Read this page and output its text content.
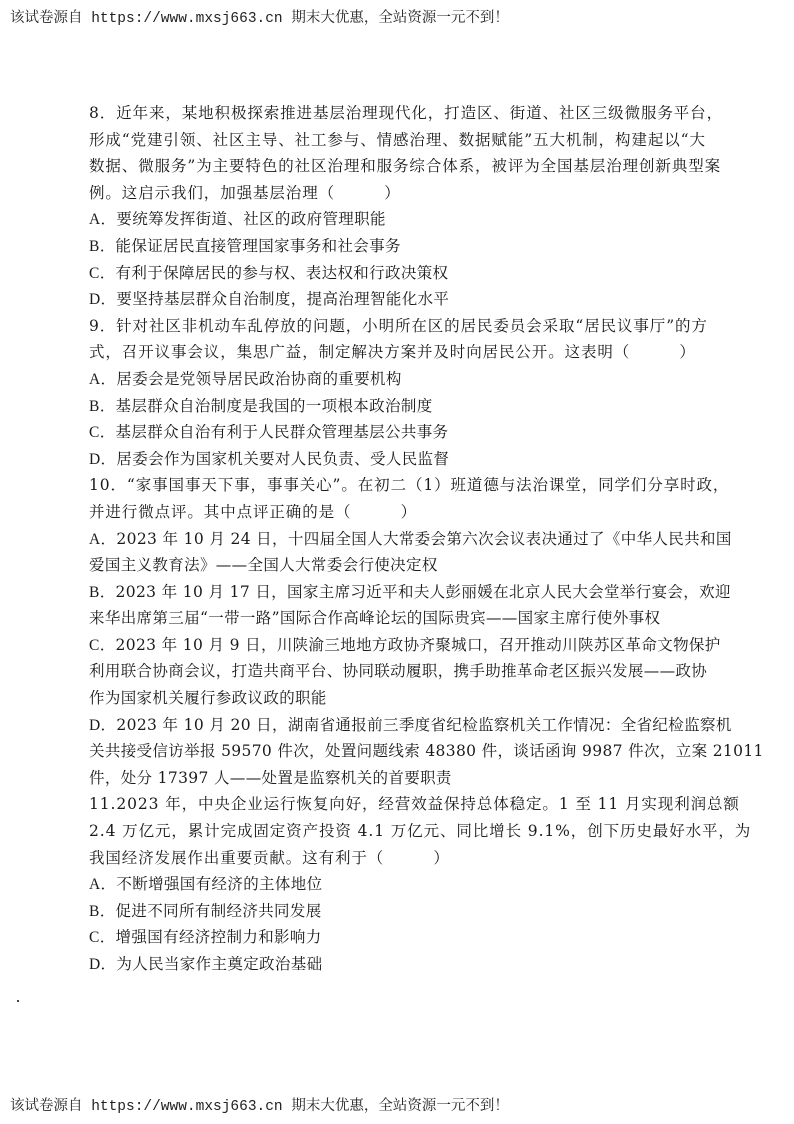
该试卷源自 https://www.mxsj663.cn 期末大优惠，全站资源一元不到！
8．近年来，某地积极探索推进基层治理现代化，打造区、街道、社区三级微服务平台，
形成“党建引领、社区主导、社工参与、情感治理、数据赋能”五大机制，构建起以“大
数据、微服务”为主要特色的社区治理和服务综合体系，被评为全国基层治理创新典型案
例。这启示我们，加强基层治理（　　　）
A．要统筹发挥街道、社区的政府管理职能
B．能保证居民直接管理国家事务和社会事务
C．有利于保障居民的参与权、表达权和行政决策权
D．要坚持基层群众自治制度，提高治理智能化水平
9．针对社区非机动车乱停放的问题，小明所在区的居民委员会采取“居民议事厅”的方
式，召开议事会议，集思广益，制定解决方案并及时向居民公开。这表明（　　　）
A．居委会是党领导居民政治协商的重要机构
B．基层群众自治制度是我国的一项根本政治制度
C．基层群众自治有利于人民群众管理基层公共事务
D．居委会作为国家机关要对人民负责、受人民监督
10．“家事国事天下事，事事关心”。在初二（1）班道德与法治课堂，同学们分享时政，
并进行微点评。其中点评正确的是（　　　）
A．2023 年 10 月 24 日，十四届全国人大常委会第六次会议表决通过了《中华人民共和国
爱国主义教育法》——全国人大常委会行使决定权
B．2023 年 10 月 17 日，国家主席习近平和夫人彭丽媛在北京人民大会堂举行宴会，欢迎
来华出席第三届“一带一路”国际合作高峰论坛的国际贵宾——国家主席行使外事权
C．2023 年 10 月 9 日，川陕渝三地地方政协齐聚城口，召开推动川陕苏区革命文物保护
利用联合协商会议，打造共商平台、协同联动履职，携手助推革命老区振兴发展——政协
作为国家机关履行参政议政的职能
D．2023 年 10 月 20 日，湖南省通报前三季度省纪检监察机关工作情况：全省纪检监察机
关共接受信访举报 59570 件次，处置问题线索 48380 件，谈话函询 9987 件次，立案 21011
件，处分 17397 人——处置是监察机关的首要职责
11.2023 年，中央企业运行恢复向好，经营效益保持总体稳定。1 至 11 月实现利润总额
2.4 万亿元，累计完成固定资产投资 4.1 万亿元、同比增长 9.1%，创下历史最好水平，为
我国经济发展作出重要贡献。这有利于（　　　）
A．不断增强国有经济的主体地位
B．促进不同所有制经济共同发展
C．增强国有经济控制力和影响力
D．为人民当家作主奠定政治基础
该试卷源自 https://www.mxsj663.cn 期末大优惠，全站资源一元不到！
